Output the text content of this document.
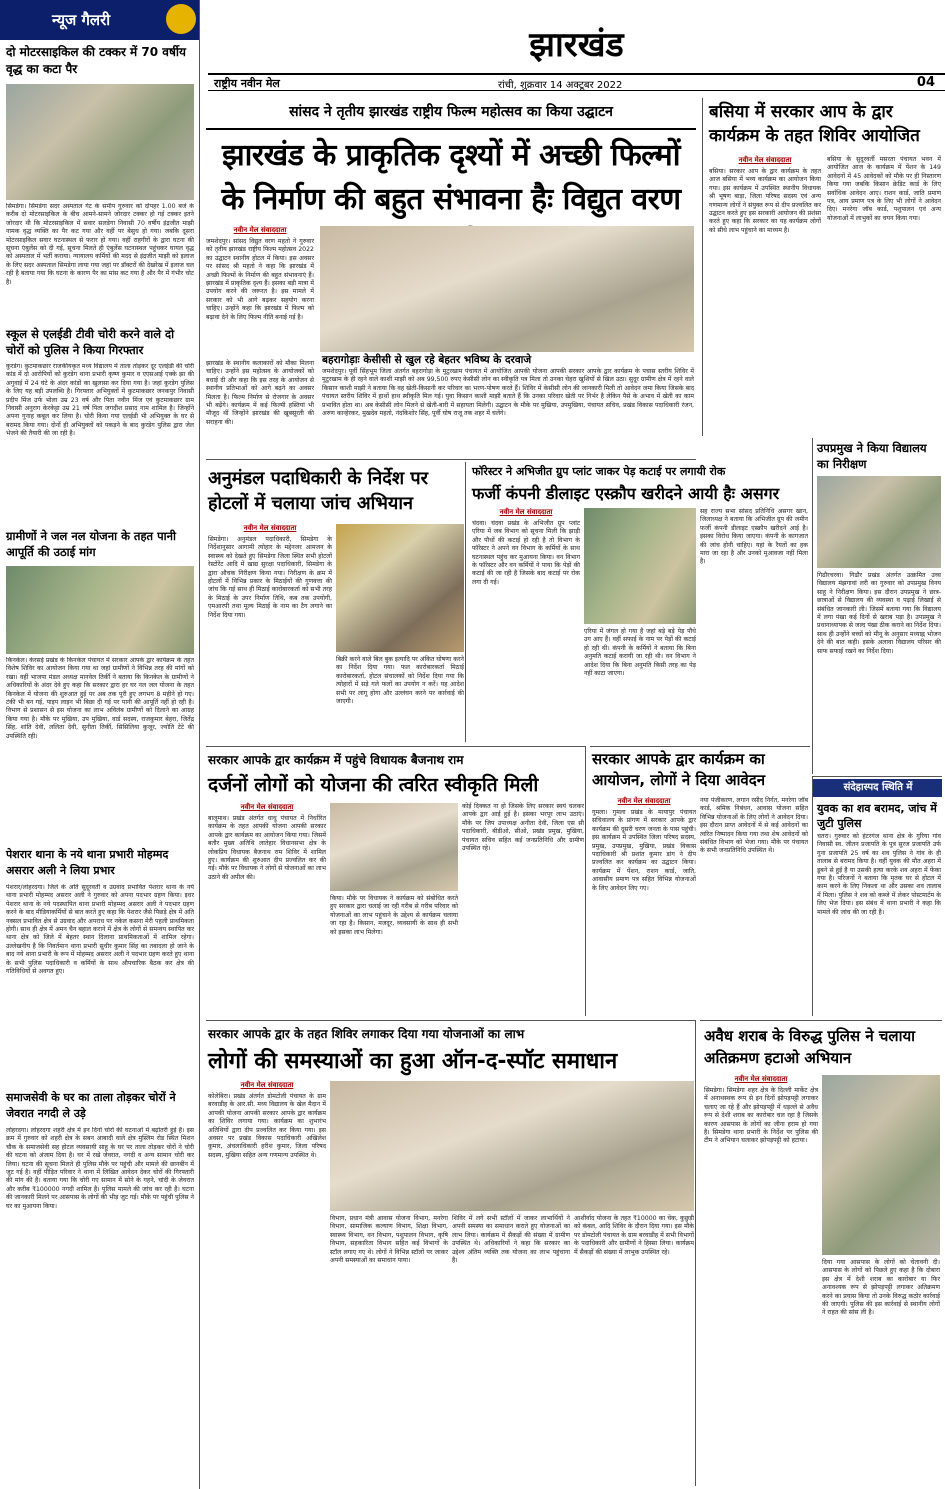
झारखंड
राष्ट्रीय नवीन मेल	रांची, शुक्रवार 14 अक्टूबर 2022	04
न्यूज गैलरी
दो मोटरसाइकिल की टक्कर में 70 वर्षीय वृद्ध का कटा पैर
सिमडेगा। सिमडेगा सदर अस्पताल गेट के समीप गुरुवार को दोपहर 1.00 बजे के करीब दो मोटरसाइकिल के बीच आमने-सामने जोरदार टक्कर हो गई टक्कर इतने जोरदार थी कि मोटरसाइकिल में सवार सलडेगा निवासी 70 वर्षीय इंद्रजीत माझी नामक वृद्ध व्यक्ति का पैर कट गया और वहीं पर बेसुध हो गया। जबकि दूसरा मोटरसाइकिल सवार घटनास्थल से फरार हो गया। वहीं राहगीरों के द्वारा घटना की सूचना एंबुलेंस को दी गई, सूचना मिलते ही एंबुलेंस घटनास्थल पहुंचकर घायल वृद्ध को अस्पताल में भर्ती कराया। न्यायालय कर्मियों की मदद से इंद्रजीत माझी को इलाज के लिए सदर अस्पताल सिमडेगा लाया गया जहां पर डॉक्टरों की देखरेख में इलाज चल रही है बताया गया कि घटना के कारण पैर का मांस कट गया है और पैर में गंभीर चोट है।
स्कूल से एलईडी टीवी चोरी करने वाले दो चोरों को पुलिस ने किया गिरफ्तार
कुरडेग। कुटमाकछार राजकीयकृत मध्य विद्यालय में ताला तोड़कर दूर एलईडी की चोरी कांड में दो आरोपियों को कुरडेग थाना प्रभारी कृष्ण कुमार व एएसआई एक्के झा की अगुवाई में 24 घंटे के अंदर कांडों का खुलासा कर दिया गया है। जहां कुरडेग पुलिस के लिए यह बड़ी उपलब्धि है। गिरफ्तार अभियुक्तों में कुटमाकछार जनकपुर निवासी प्रदीप मिंज उर्फ भोला उम्र 23 वर्ष और पिता नवीन मिंज एवं कुटमाकछार ग्राम निवासी अनुराग केरकेट्टा उम्र 21 वर्ष पिता जगदीश प्रसाद नाम शामिल है। जिन्होंने अपना गुनाह कबूल कर लिया है। चोरी किया गया एलईडी भी अभियुक्त के घर से बरामद किया गया। दोनों ही अभियुक्तों को पकड़ने के बाद कुरडेग पुलिस द्वारा जेल भेजने की तैयारी की जा रही है।
ग्रामीणों ने जल नल योजना के तहत पानी आपूर्ति की उठाई मांग
किनकेल। केरसई प्रखंड के किनकेल पंचायत में सरकार आपके द्वार कार्यक्रम के तहत विशेष शिविर का आयोजन किया गया था जहां ग्रामीणों ने विभिन्न तरह की मांगों को रखा। वहीं भाजपा मंडल अध्यक्ष मानवेल तिर्की ने बताया कि किनकेल के ग्रामीणों ने अधिकारियों के अंदर देवे हुए कहा कि सरकार द्वारा हर घर नल जल योजना के तहत किनकेल में योजना की शुरुआत हुई पर अब तक पूरी हुए लगभग 8 महीने हो गए। टंकी भी बन गई, पाइप लाइन भी बिछा दी गई पर पानी की आपूर्ति नहीं हो रही है। विभाग से प्रशासन से इस योजना का लाभ अविलंब ग्रामीणों को दिलाने का आग्रह किया गया है। मौके पर मुखिया, उप मुखिया, वार्ड सदस्य, राजकुमार बेहरा, जितेंद्र सिंह, शांति देवी, ललिता देवी, सुनीता तिर्की, सिसिलिया कुजूर, ज्योति टेटे की उपस्थिति रही।
पेशरार थाना के नये थाना प्रभारी मोहम्मद असरार अली ने लिया प्रभार
पेशरार/लोहरदगा। जिले के अति सुदूरवर्ती व उग्रवाद प्रभावित पेशरार थाना के नये थाना प्रभारी मोहम्मद असरार अली ने गुरुवार को अपना पदभार ग्रहण किया। इधर पेशरार थाना के नये पदस्थापित थाना प्रभारी मोहम्मद असरार अली ने पदभार ग्रहण करने के बाद मीडियाकर्मियों से बात करते हुए कहा कि पेशरार जैसे पिछड़े क्षेत्र में अति नक्सल प्रभावित क्षेत्र से उग्रवाद और अपराध पर नकेल कसना मेरी पहली प्राथमिकता होगी। साथ ही क्षेत्र में अमन चैन बहाल कराने में क्षेत्र के लोगों से समन्वय स्थापित कर थाना क्षेत्र को जिले में बेहतर स्थान दिलाना प्राथमिकताओं में शामिल रहेगा। उल्लेखनीय है कि निवर्तमान थाना प्रभारी सुधीर कुमार सिंह का तबादला हो जाने के बाद नये थाना प्रभारी के रूप में मोहम्मद असरार अली ने पदभार ग्रहण करते हुए थाना के सभी पुलिस पदाधिकारी व कर्मियों के साथ औपचारिक बैठक कर क्षेत्र की गतिविधियों से अवगत हुए।
समाजसेवी के घर का ताला तोड़कर चोरों ने जेवरात नगदी ले उड़े
लोहरदगा। लोहरदगा शहरी क्षेत्र में इन दिनों चोरों की घटनाओं में बढ़ोतरी हुई है। इस क्रम में गुरुवार को शहरी क्षेत्र के सबन आबादी वाले क्षेत्र मुस्लिम रोड स्थित मिशन चौक के समाजसेवी सह होटल व्यवसायी साहू के घर पर ताला तोड़कर चोरों ने चोरी की घटना को अंजाम दिया है। घर में रखे जेवरात, नगदी व अन्य सामान चोरी कर लिया। घटना की सूचना मिलते ही पुलिस मौके पर पहुंची और मामले की छानबीन में जुट गई है। वहीं पीड़ित परिवार ने थाना में लिखित आवेदन देकर चोरों की गिरफ्तारी की मांग की है। बताया गया कि चोरी गए सामान में सोने के गहने, चांदी के जेवरात और करीब ₹100000 नगदी शामिल है। पुलिस मामले की जांच कर रही है। घटना की जानकारी मिलने पर आसपास के लोगों की भीड़ जुट गई। मौके पर पहुंची पुलिस ने घर का मुआयना किया।
सांसद ने तृतीय झारखंड राष्ट्रीय फिल्म महोत्सव का किया उद्घाटन
झारखंड के प्राकृतिक दृश्यों में अच्छी फिल्मों के निर्माण की बहुत संभावना हैः विद्युत वरण
नवीन मेल संवाददाता
जमशेदपुर। सांसद विद्युत वरण महतो ने गुरुवार को तृतीय झारखंड राष्ट्रीय फिल्म महोत्सव 2022 का उद्घाटन स्थानीय होटल में किया। इस अवसर पर सांसद श्री महतो ने कहा कि झारखंड में अच्छी फिल्मों के निर्माण की बहुत संभावनाएं हैं। झारखंड में प्राकृतिक दृश्य हैं। इसका बड़ी मात्रा में उपयोग करने की जरूरत है। इस मामले में सरकार को भी आगे बढ़कर सहयोग करना चाहिए। उन्होंने कहा कि झारखंड में फिल्म को बढ़ावा देने के लिए फिल्म नीति बनाई गई है।
बहरागोड़ाः केसीसी से खुल रहे बेहतर भविष्य के दरवाजे
जमशेदपुर। पूर्वी सिंहभूम जिला अंतर्गत बहरागोड़ा के मुटुरखाम पंचायत में आयोजित आपकी योजना आपकी सरकार आपके द्वार कार्यक्रम के पचास स्तरीय शिविर में मुटुरखाम के ही रहने वाले काशी माझी को अब 99,500 रुपए केसीसी लोन का स्वीकृति पत्र मिला तो उनका चेहरा खुशियों से खिल उठा। सुदूर ग्रामीण क्षेत्र में रहने वाले किसान काशी माझी ने बताया कि वह खेती-किसानी कर परिवार का भरण-पोषण करते हैं। शिविर में केसीसी लोन की जानकारी मिली तो आवेदन जमा किया जिसके बाद पंचायत स्तरीय शिविर में हाथों हाथ स्वीकृति मिल गई। युवा किसान काशी माझी बताते हैं कि उनका परिवार खेती पर निर्भर है लेकिन पैसे के अभाव में खेती का काम प्रभावित होता था। अब केसीसी लोन मिलने से खेती-बारी में सहायता मिलेगी। उद्घाटन के मौके पर मुखिया, उपमुखिया, पंचायत सचिव, प्रखंड विकास पदाधिकारी रंजन, अरुण कान्हेरकर, मुखदेव महतो, नंदकिशोर सिंह, पूर्वी घोष राजू तक शहर में चलेंगे।
झारखंड के स्थानीय कलाकारों को मौका मिलना चाहिए। उन्होंने इस महोत्सव के आयोजकों को बधाई दी और कहा कि इस तरह के आयोजन से स्थानीय प्रतिभाओं को आगे बढ़ने का अवसर मिलता है। फिल्म निर्माण से रोजगार के अवसर भी बढ़ेंगे। कार्यक्रम में कई फिल्मी हस्तियां भी मौजूद थीं जिन्होंने झारखंड की खूबसूरती की सराहना की।
बसिया में सरकार आप के द्वार कार्यक्रम के तहत शिविर आयोजित
नवीन मेल संवाददाता
बसिया। सरकार आप के द्वार कार्यक्रम के तहत आज बसिया में भव्य कार्यक्रम का आयोजन किया गया। इस कार्यक्रम में उपस्थित स्थानीय विधायक श्री भूषण बाड़ा, जिला परिषद सदस्य एवं अन्य गणमान्य लोगों ने संयुक्त रूप से दीप प्रज्वलित कर उद्घाटन करते हुए इस सरकारी आयोजन की प्रशंसा करते हुए कहा कि सरकार का यह कार्यक्रम लोगों को सीधे लाभ पहुंचाने का माध्यम है।
बसिया के सुदूरवर्ती मसरता पंचायत भवन में आयोजित आज के कार्यक्रम में पेंशन के 149 आवेदनों में 45 आवेदकों को मौके पर ही निस्तारण किया गया जबकि किसान क्रेडिट कार्ड के लिए सर्वाधिक आवेदन आए। राशन कार्ड, जाति प्रमाण पत्र, आय प्रमाण पत्र के लिए भी लोगों ने आवेदन दिए। मनरेगा जॉब कार्ड, पशुपालन एवं अन्य योजनाओं में लाभुकों का चयन किया गया।
उपप्रमुख ने किया विद्यालय का निरीक्षण
गिढौरचरवा। गिढौर प्रखंड अंतर्गत उत्क्रमित उच्च विद्यालय मंझगावां लरी का गुरुवार को उपप्रमुख विनय साहू ने निरीक्षण किया। इस दौरान उपप्रमुख ने छात्र-छात्राओं से विद्यालय की व्यवस्था व पढ़ाई लिखाई से संबंधित जानकारी ली। जिसमें बताया गया कि विद्यालय में लगा पंखा कई दिनों से खराब पड़ा है। उपप्रमुख ने प्रधानाध्यापक से जल्द पंखा ठीक कराने का निर्देश दिया। साथ ही उन्होंने बच्चों को मीनू के अनुसार मध्याह्न भोजन देने की बात कही। इसके अलावा विद्यालय परिसर की साफ सफाई रखने का निर्देश दिया।
अनुमंडल पदाधिकारी के निर्देश पर होटलों में चलाया जांच अभियान
नवीन मेल संवाददाता
सिमडेगा। अनुमंडल पदाधिकारी, सिमडेगा के निर्देशानुसार आगामी त्योहार के मद्देनजर आमजन के स्वास्थ्य को देखते हुए सिमडेगा जिला स्थित सभी होटलों रेस्टोरेंट आदि में खाद्य सुरक्षा पदाधिकारी, सिमडेगा के द्वारा औचक निरीक्षण किया गया। निरीक्षण के क्रम में होटलों में विभिन्न प्रकार के मिठाईयों की गुणवत्ता की जांच कि गई साथ ही मिठाई कारोबारकर्ता को सभी तरह के मिठाई के उपर निर्माण तिथि, कब तक उपयोगी, एमआरपी तथा मूल्य मिठाई के नाम का टैग लगाने का निर्देश दिया गया।
बिक्री करने वाले बिल बुक इत्यादि पर अंकित घोषणा करने का निर्देश दिया गया। फल कारोबारकर्ता मिठाई कारोबारकर्ता, होटल संचालकों को निर्देश दिया गया कि त्योहारों में सड़े गले फलों का उपयोग न करें। यह आदेश सभी पर लागू होगा और उल्लंघन करने पर कार्रवाई की जाएगी।
फॉरेस्टर ने अभिजीत ग्रुप प्लांट जाकर पेड़ कटाई पर लगायी रोक
फर्जी कंपनी डीलाइट एस्क्रौप खरीदने आयी हैः असगर
नवीन मेल संवाददाता
चंदवा। चंदवा प्रखंड के अभिजीत ग्रुप प्लांट एरिया में जब विभाग को सूचना मिली कि झाड़ी और पौधों की कटाई हो रही है तो विभाग के फॉरेस्टर ने अपने वन विभाग के कर्मियों के साथ घटनास्थल पहुंच कर मुआयना किया। वन विभाग के फॉरेस्टर और वन कर्मियों ने पाया कि पेड़ों की कटाई की जा रही है जिसके बाद कटाई पर रोक लगा दी गई।
एरिया में जंगल हो गया है जहां बड़े बड़े पेड़ पौधे उग आए हैं। वहीं सफाई के नाम पर पेड़ों की कटाई हो रही थी। कंपनी के कर्मियों ने बताया कि बिना अनुमति कटाई करायी जा रही थी। वन विभाग ने आदेश दिया कि बिना अनुमति किसी तरह का पेड़ नहीं काटा जाएगा।
सह राज्य सभा सांसद प्रतिनिधि असगर खान, जिलाध्यक्ष ने बताया कि अभिजीत ग्रुप की जमीन फर्जी कंपनी डीलाइट एस्क्रौप खरीदने आई है। इसका विरोध किया जाएगा। कंपनी के कागजात की जांच होनी चाहिए। यहां के रैयतों का हक मारा जा रहा है और उनको मुआवजा नहीं मिला है।
सरकार आपके द्वार कार्यक्रम में पहुंचे विधायक बैजनाथ राम
दर्जनों लोगों को योजना की त्वरित स्वीकृति मिली
नवीन मेल संवाददाता
बालूमाथ। प्रखंड अंतर्गत धाधु पंचायत में निर्धारित कार्यक्रम के तहत आपकी योजना आपकी सरकार आपके द्वार कार्यक्रम का आयोजन किया गया। जिसमें बतौर मुख्य अतिथि लातेहार विधानसभा क्षेत्र के लोकप्रिय विधायक बैजनाथ राम शिविर में शामिल हुए। कार्यक्रम की शुरुआत दीप प्रज्वलित कर की गई। मौके पर विधायक ने लोगों से योजनाओं का लाभ उठाने की अपील की।
किया। मौके पर विधायक ने कार्यक्रम को संबोधित करते हुए सरकार द्वारा चलाई जा रही गरीब से गरीब परिवार को योजनाओं का लाभ पहुंचाने के उद्देश्य से कार्यक्रम चलाया जा रहा है। किसान, मजदूर, व्यवसायी के साथ ही सभी को इसका लाभ मिलेगा।
कोई दिक्कत ना हो जिसके लिए सरकार स्वयं चलकर आपके द्वार आई हुई है। इसका भरपूर लाभ उठाएं। मौके पर जिप उपाध्यक्ष अनीता देवी, जिला एस सी पदाधिकारी, बीडीओ, सीओ, प्रखंड प्रमुख, मुखिया, पंचायत सचिव सहित कई जनप्रतिनिधि और ग्रामीण उपस्थित रहे।
सरकार आपके द्वार कार्यक्रम का आयोजन, लोगों ने दिया आवेदन
नवीन मेल संवाददाता
गुमला। गुमला प्रखंड के मायापुर पंचायत सचिवालय के प्रांगण में सरकार आपके द्वार कार्यक्रम की दूसरी चरण जनता के पास पहुंची। इस कार्यक्रम में उपस्थित जिला परिषद सदस्य, प्रमुख, उपप्रमुख, मुखिया, प्रखंड विकास पदाधिकारी श्री प्रशांत कुमार डांग ने दीप प्रज्वलित कर कार्यक्रम का उद्घाटन किया। कार्यक्रम में पेंशन, राशन कार्ड, जाति, आवासीय प्रमाण पत्र सहित विभिन्न योजनाओं के लिए आवेदन लिए गए।
नया पंजीकरण, लगान रसीद निर्गत, मनरेगा जॉब कार्ड, श्रमिक निबंधन, आवास योजना सहित विभिन्न योजनाओं के लिए लोगों ने आवेदन दिया। इस दौरान प्राप्त आवेदनों में से कई आवेदनों का त्वरित निष्पादन किया गया तथा शेष आवेदनों को संबंधित विभाग को भेजा गया। मौके पर पंचायत के सभी जनप्रतिनिधि उपस्थित थे।
संदेहास्पद स्थिति में
युवक का शव बरामद, जांच में जुटी पुलिस
चतरा। गुरुवार को हंटरगंज थाना क्षेत्र के गुरिया गांव निवासी स्व. जीतन प्रजापति के पुत्र सुरज प्रजापति उर्फ गुना प्रजापति 25 वर्ष का शव पुलिस ने गांव के ही तालाब से बरामद किया है। वहीं युवक की मौत अहरा में डूबने से हुई है या उसकी हत्या करके शव अहरा में फेंका गया है। परिजनों ने बताया कि मृतक घर से होटल में काम करने के लिए निकला था और उसका शव तालाब में मिला। पुलिस ने शव को कब्जे में लेकर पोस्टमार्टम के लिए भेज दिया। इस संबंध में थाना प्रभारी ने कहा कि मामले की जांच की जा रही है।
सरकार आपके द्वार के तहत शिविर लगाकर दिया गया योजनाओं का लाभ
लोगों की समस्याओं का हुआ ऑन-द-स्पॉट समाधान
नवीन मेल संवाददाता
कोलेबिरा। प्रखंड अंतर्गत डोमटोली पंचायत के ग्राम बरवाडीह के आर.सी. मध्य विद्यालय के खेल मैदान में आपकी योजना आपकी सरकार आपके द्वार कार्यक्रम का शिविर लगाया गया। कार्यक्रम का शुभारंभ अतिथियों द्वारा दीप प्रज्वलित कर किया गया। इस अवसर पर प्रखंड विकास पदाधिकारी अखिलेश कुमार, अंचलाधिकारी हरीश कुमार, जिला परिषद सदस्य, मुखिया सहित अन्य गणमान्य उपस्थित थे।
विभाग, प्रधान मंत्री आवास योजना विभाग, मनरेगा विभाग, सामाजिक कल्याण विभाग, शिक्षा विभाग, स्वास्थ्य विभाग, वन विभाग, पशुपालन विभाग, कृषि विभाग, सहकारिता विभाग सहित कई विभागों के स्टॉल लगाए गए थे। लोगों ने विभिन्न स्टॉलों पर जाकर अपनी समस्याओं का समाधान पाया।
शिविर में लगे सभी स्टॉलों में जाकर लाभार्थियों ने अपनी समस्या का समाधान कराते हुए योजनाओं का लाभ लिया। कार्यक्रम में सैकड़ों की संख्या में ग्रामीण उपस्थित थे। अधिकारियों ने कहा कि सरकार का उद्देश्य अंतिम व्यक्ति तक योजना का लाभ पहुंचाना है।
आशीर्वाद योजना के तहत ₹10000 का चेक, कुछुड़ी को कंबल, आदि शिविर के दौरान दिया गया। इस मौके पर डोमटोली पंचायत के ग्राम बरवाडीह में सभी विभागों के पदाधिकारी और ग्रामीणों ने हिस्सा लिया। कार्यक्रम में सैकड़ों की संख्या में लाभुक उपस्थित रहे।
अवैध शराब के विरुद्ध पुलिस ने चलाया अतिक्रमण हटाओ अभियान
नवीन मेल संवाददाता
सिमडेगा। सिमडेगा शहर क्षेत्र के दिल्ली मार्केट क्षेत्र में अनाथस्थक रूप से इन दिनों झोपड़पट्टी लगाकर चलाए जा रहे हैं और झोपड़पट्टी में धड़ल्ले से अवैध रूप से देशी शराब का कारोबार चल रहा है जिसके कारण आसपास के लोगों का जीना हराम हो गया है। सिमडेगा थाना प्रभारी के निर्देश पर पुलिस की टीम ने अभियान चलाकर झोपड़पट्टी को हटाया।
दिया गया आसपास के लोगों को चेतावनी दी। आसपास के लोगों को पिछले हुए कहा है कि दोबारा इस क्षेत्र में देशी शराब का कारोबार या फिर अनावश्यक रूप से झोपड़पट्टी लगाकर अतिक्रमण करने का प्रयास किया तो उनके विरुद्ध कठोर कार्रवाई की जाएगी। पुलिस की इस कार्रवाई से स्थानीय लोगों ने राहत की सांस ली है।
